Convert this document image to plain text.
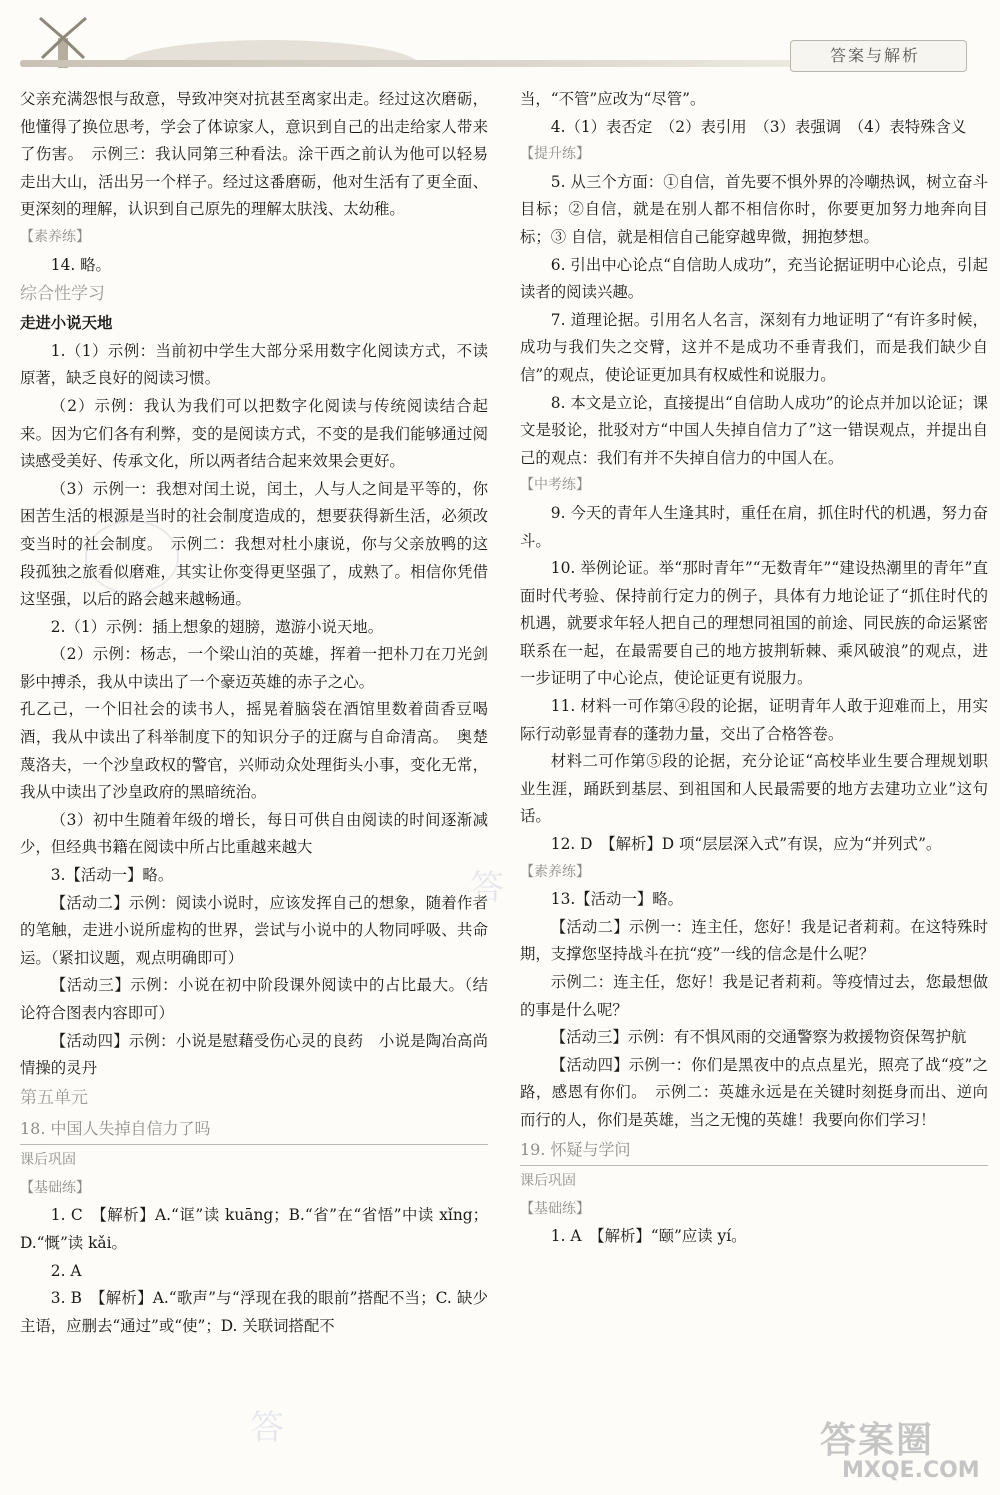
答案与解析

父亲充满怨恨与敌意，导致冲突对抗甚至离家出走。经过这次磨砺，他懂得了换位思考，学会了体谅家人，意识到自己的出走给家人带来了伤害。　示例三：我认同第三种看法。涂干西之前认为他可以轻易走出大山，活出另一个样子。经过这番磨砺，他对生活有了更全面、更深刻的理解，认识到自己原先的理解太肤浅、太幼稚。

【素养练】

14. 略。

综合性学习

走进小说天地

1.（1）示例：当前初中学生大部分采用数字化阅读方式，不读原著，缺乏良好的阅读习惯。

（2）示例：我认为我们可以把数字化阅读与传统阅读结合起来。因为它们各有利弊，变的是阅读方式，不变的是我们能够通过阅读感受美好、传承文化，所以两者结合起来效果会更好。

（3）示例一：我想对闰土说，闰土，人与人之间是平等的，你困苦生活的根源是当时的社会制度造成的，想要获得新生活，必须改变当时的社会制度。　示例二：我想对杜小康说，你与父亲放鸭的这段孤独之旅看似磨难，其实让你变得更坚强了，成熟了。相信你凭借这坚强，以后的路会越来越畅通。

2.（1）示例：插上想象的翅膀，遨游小说天地。

（2）示例：杨志，一个梁山泊的英雄，挥着一把朴刀在刀光剑影中搏杀，我从中读出了一个豪迈英雄的赤子之心。

孔乙己，一个旧社会的读书人，摇晃着脑袋在酒馆里数着茴香豆喝酒，我从中读出了科举制度下的知识分子的迂腐与自命清高。　奥楚蔑洛夫，一个沙皇政权的警官，兴师动众处理街头小事，变化无常，我从中读出了沙皇政府的黑暗统治。

（3）初中生随着年级的增长，每日可供自由阅读的时间逐渐减少，但经典书籍在阅读中所占比重越来越大

3.【活动一】略。

【活动二】示例：阅读小说时，应该发挥自己的想象，随着作者的笔触，走进小说所虚构的世界，尝试与小说中的人物同呼吸、共命运。（紧扣议题，观点明确即可）

【活动三】示例：小说在初中阶段课外阅读中的占比最大。（结论符合图表内容即可）

【活动四】示例：小说是慰藉受伤心灵的良药　小说是陶冶高尚情操的灵丹

第五单元

18. 中国人失掉自信力了吗

课后巩固

【基础练】

1. C　【解析】A.“诓”读 kuāng；B.“省”在“省悟”中读 xǐng；D.“慨”读 kǎi。

2. A

3. B　【解析】A.“歌声”与“浮现在我的眼前”搭配不当；C. 缺少主语，应删去“通过”或“使”；D. 关联词搭配不

当，“不管”应改为“尽管”。

4.（1）表否定　（2）表引用　（3）表强调　（4）表特殊含义

【提升练】

5. 从三个方面：①自信，首先要不惧外界的冷嘲热讽，树立奋斗目标；②自信，就是在别人都不相信你时，你要更加努力地奔向目标；③ 自信，就是相信自己能穿越卑微，拥抱梦想。

6. 引出中心论点“自信助人成功”，充当论据证明中心论点，引起读者的阅读兴趣。

7. 道理论据。引用名人名言，深刻有力地证明了“有许多时候，成功与我们失之交臂，这并不是成功不垂青我们，而是我们缺少自信”的观点，使论证更加具有权威性和说服力。

8. 本文是立论，直接提出“自信助人成功”的论点并加以论证；课文是驳论，批驳对方“中国人失掉自信力了”这一错误观点，并提出自己的观点：我们有并不失掉自信力的中国人在。

【中考练】

9. 今天的青年人生逢其时，重任在肩，抓住时代的机遇，努力奋斗。

10. 举例论证。举“那时青年”“无数青年”“建设热潮里的青年”直面时代考验、保持前行定力的例子，具体有力地论证了“抓住时代的机遇，就要求年轻人把自己的理想同祖国的前途、同民族的命运紧密联系在一起，在最需要自己的地方披荆斩棘、乘风破浪”的观点，进一步证明了中心论点，使论证更有说服力。

11. 材料一可作第④段的论据，证明青年人敢于迎难而上，用实际行动彰显青春的蓬勃力量，交出了合格答卷。

材料二可作第⑤段的论据，充分论证“高校毕业生要合理规划职业生涯，踊跃到基层、到祖国和人民最需要的地方去建功立业”这句话。

12. D　【解析】D 项“层层深入式”有误，应为“并列式”。

【素养练】

13.【活动一】略。

【活动二】示例一：连主任，您好！我是记者莉莉。在这特殊时期，支撑您坚持战斗在抗“疫”一线的信念是什么呢？

示例二：连主任，您好！我是记者莉莉。等疫情过去，您最想做的事是什么呢？

【活动三】示例：有不惧风雨的交通警察为救援物资保驾护航

【活动四】示例一：你们是黑夜中的点点星光，照亮了战“疫”之路，感恩有你们。　示例二：英雄永远是在关键时刻挺身而出、逆向而行的人，你们是英雄，当之无愧的英雄！我要向你们学习！

19. 怀疑与学问

课后巩固

【基础练】

1. A　【解析】“颐”应读 yí。

答
答	答案圈
MXQE.COM
